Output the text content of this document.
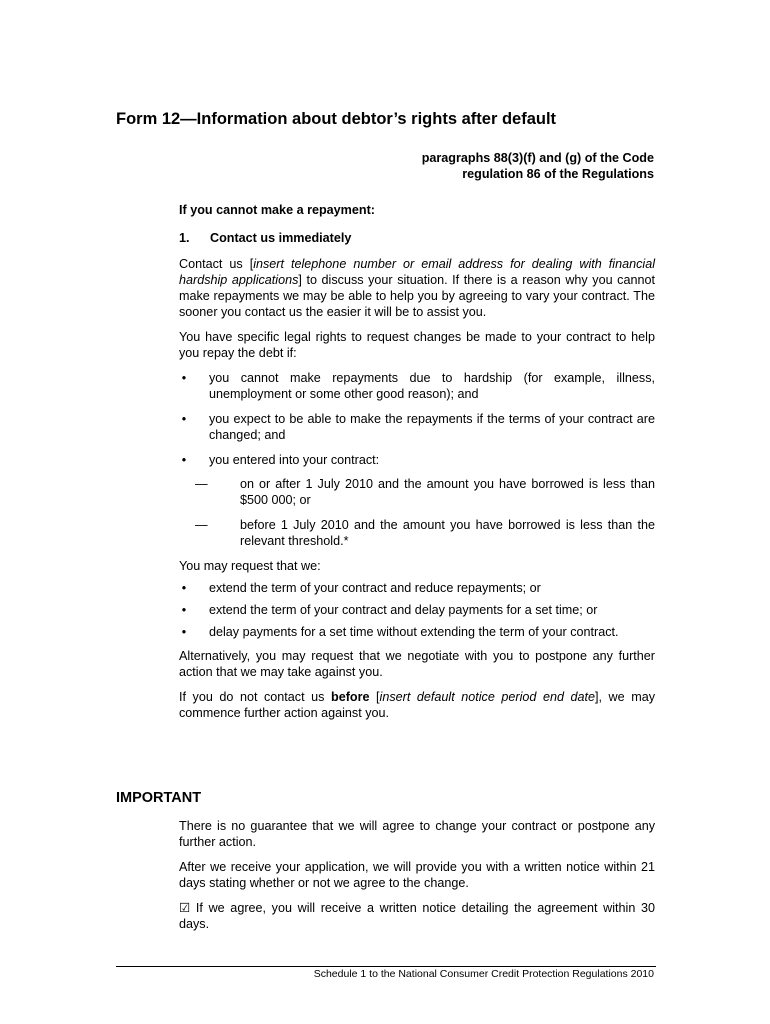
Form 12—Information about debtor’s rights after default
paragraphs 88(3)(f) and (g) of the Code
regulation 86 of the Regulations
If you cannot make a repayment:
1.	Contact us immediately

Contact us [insert telephone number or email address for dealing with financial hardship applications] to discuss your situation. If there is a reason why you cannot make repayments we may be able to help you by agreeing to vary your contract. The sooner you contact us the easier it will be to assist you.

You have specific legal rights to request changes be made to your contract to help you repay the debt if:

• you cannot make repayments due to hardship (for example, illness, unemployment or some other good reason); and
• you expect to be able to make the repayments if the terms of your contract are changed; and
• you entered into your contract:
—	on or after 1 July 2010 and the amount you have borrowed is less than $500 000; or
—	before 1 July 2010 and the amount you have borrowed is less than the relevant threshold.*

You may request that we:

• extend the term of your contract and reduce repayments; or
• extend the term of your contract and delay payments for a set time; or
• delay payments for a set time without extending the term of your contract.

Alternatively, you may request that we negotiate with you to postpone any further action that we may take against you.

If you do not contact us before [insert default notice period end date], we may commence further action against you.

IMPORTANT

There is no guarantee that we will agree to change your contract or postpone any further action.

After we receive your application, we will provide you with a written notice within 21 days stating whether or not we agree to the change.

☑ If we agree, you will receive a written notice detailing the agreement within 30 days.

Schedule 1 to the National Consumer Credit Protection Regulations 2010
